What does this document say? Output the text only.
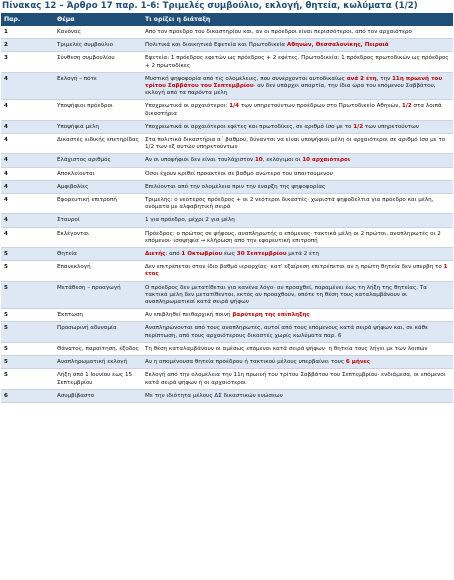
Πίνακας 12 – Άρθρο 17 παρ. 1-6: Τριμελές συμβούλιο, εκλογή, θητεία, κωλύματα (1/2)
Παρ.	Θέμα	Τι ορίζει η διάταξη
1	Κανόνας	Από τον πρόεδρο του δικαστηρίου και, αν οι πρόεδροι είναι περισσότεροι, από τον αρχαιότερο
2	Τριμελές συμβούλιο	Πολιτικά και διοικητικά Εφετεία και Πρωτοδικεία Αθηνών, Θεσσαλονίκης, Πειραιά
3	Σύνθεση συμβουλίου	Εφετεία: 1 πρόεδρος εφετών ως πρόεδρος + 2 εφέτες. Πρωτοδικεία: 1 πρόεδρος πρωτοδικών ως πρόεδρος + 2 πρωτοδίκες
4	Εκλογή – πότε	Μυστική ψηφοφορία από τις ολομέλειες, που συνέρχονται αυτοδικαίως ανά 2 έτη, την 11η πρωινή του τρίτου Σαββάτου του Σεπτεμβρίου· αν δεν υπάρχει απαρτία, την ίδια ώρα του επόμενου Σαββάτου, εκλογή από τα παρόντα μέλη
4	Υποψήφιοι πρόεδροι	Υποχρεωτικά οι αρχαιότεροι: 1/4 των υπηρετούντων προέδρων στο Πρωτοδικείο Αθηνών, 1/2 στα λοιπά δικαστήρια
4	Υποψήφια μέλη	Υποχρεωτικά οι αρχαιότεροι εφέτες και πρωτοδίκες, σε αριθμό ίσο με το 1/2 των υπηρετούντων
4	Δικαστές ειδικής επετηρίδας	Στα πολιτικά δικαστήρια α΄ βαθμού, δύνανται να είναι υποψήφιοι μέλη οι αρχαιότεροι σε αριθμό ίσο με το 1/2 των εξ αυτών υπηρετούντων
4	Ελάχιστος αριθμός	Αν οι υποψήφιοι δεν είναι τουλάχιστον 10, εκλόγιμοι οι 10 αρχαιότεροι
4	Αποκλείονται	Όσοι έχουν κριθεί προακτέοι σε βαθμό ανώτερο του απαιτούμενου
4	Αμφιβολίες	Επιλύονται από την ολομέλεια πριν την έναρξη της ψηφοφορίας
4	Εφορευτική επιτροπή	Τριμελής: ο νεότερος πρόεδρος + οι 2 νεότεροι δικαστές· χωριστά ψηφοδέλτια για πρόεδρο και μέλη, ονόματα με αλφαβητική σειρά
4	Σταυροί	1 για πρόεδρο, μέχρι 2 για μέλη
4	Εκλέγονται	Πρόεδρος: ο πρώτος σε ψήφους, αναπληρωτής ο επόμενος· τακτικά μέλη οι 2 πρώτοι, αναπληρωτές οι 2 επόμενοι· ισοψηφία → κλήρωση από την εφορευτική επιτροπή
5	Θητεία	Διετής: από 1 Οκτωβρίου έως 30 Σεπτεμβρίου μετά 2 έτη
5	Επανεκλογή	Δεν επιτρέπεται στον ίδιο βαθμό ιεραρχίας· κατ' εξαίρεση επιτρέπεται αν η πρώτη θητεία δεν υπερβη το 1 έτος
5	Μετάθεση – προαγωγή	Ο πρόεδρος δεν μετατίθεται για κανένα λόγο· αν προαχθεί, παραμένει έως τη λήξη της θητείας. Τα τακτικά μέλη δεν μετατίθενται, εκτός αν προαχθούν, οπότε τη θέση τους καταλαμβάνουν οι αναπληρωματικοί κατά σειρά ψήφων
5	Έκπτωση	Αν επιβληθεί πειθαρχική ποινή βαρύτερη της επίπληξης
5	Προσωρινή αδυναμία	Αναπληρώνονται από τους αναπληρωτές, αυτοί από τους επόμενους κατά σειρά ψήφων και, σε κάθε περίπτωση, από τους αρχαιότερους δικαστές χωρίς κωλύματα παρ. 6
5	Θάνατος, παραίτηση, έξοδος	Τη θέση καταλαμβάνουν οι αμέσως επόμενοι κατά σειρά ψήφων· η θητεία τους λήγει με των λοιπών
5	Αναπληρωματική εκλογή	Αν η απομένουσα θητεία προέδρου ή τακτικού μέλους υπερβαίνει τους 6 μήνες
5	Λήξη από 1 Ιουνίου έως 15 Σεπτεμβρίου	Εκλογή από την ολομέλεια την 11η πρωινή του τρίτου Σαββάτου του Σεπτεμβρίου· ενδιάμεσα, οι επόμενοι κατά σειρά ψήφων ή οι αρχαιότεροι
6	Ασυμβίβαστο	Με την ιδιότητα μέλους ΔΣ δικαστικών ενώσεων
